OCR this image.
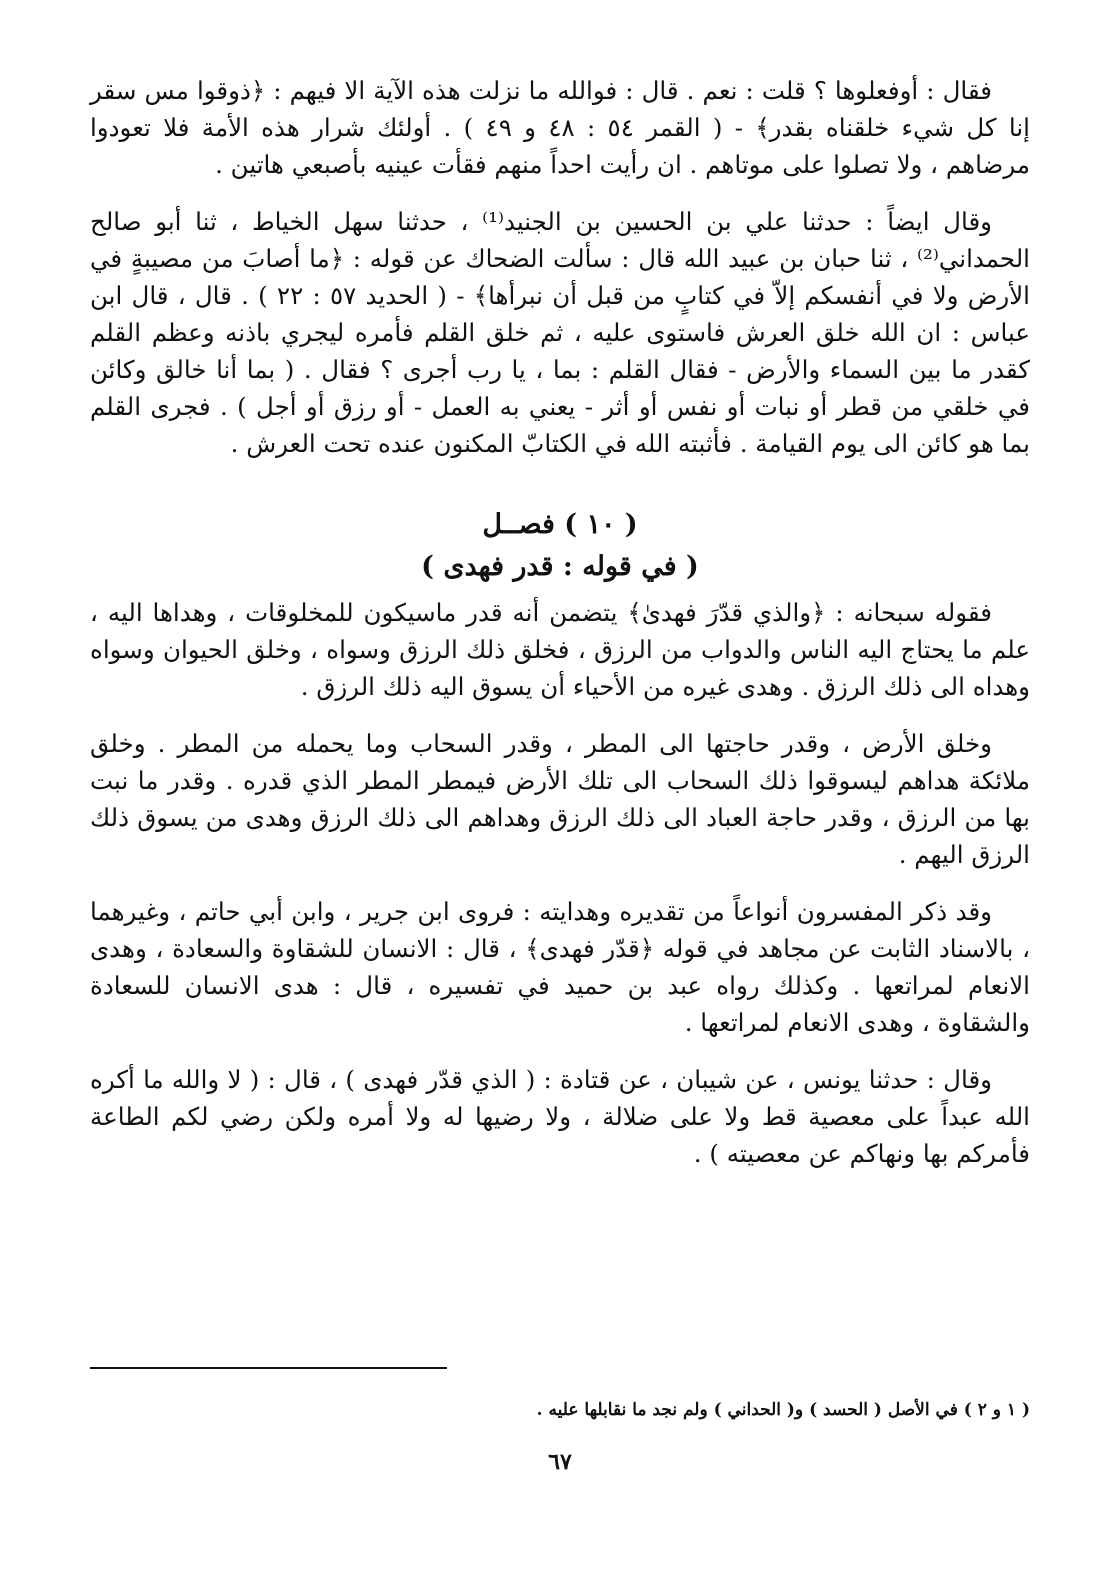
فقال : أوفعلوها ؟ قلت : نعم . قال : فوالله ما نزلت هذه الآية الا فيهم : ﴿ذوقوا مس سقر إنا كل شيء خلقناه بقدر﴾ - ( القمر ٥٤ : ٤٨ و ٤٩ ) . أولئك شرار هذه الأمة فلا تعودوا مرضاهم ، ولا تصلوا على موتاهم . ان رأيت احداً منهم فقأت عينيه بأصبعي هاتين .

وقال ايضاً : حدثنا علي بن الحسين بن الجنيد⁽¹⁾ ، حدثنا سهل الخياط ، ثنا أبو صالح الحمداني⁽²⁾ ، ثنا حبان بن عبيد الله قال : سألت الضحاك عن قوله : ﴿ما أصابَ من مصيبةٍ في الأرض ولا في أنفسكم إلاّ في كتابٍ من قبل أن نبرأها﴾ - ( الحديد ٥٧ : ٢٢ ) . قال ، قال ابن عباس : ان الله خلق العرش فاستوى عليه ، ثم خلق القلم فأمره ليجري باذنه وعظم القلم كقدر ما بين السماء والأرض - فقال القلم : بما ، يا رب أجرى ؟ فقال . ( بما أنا خالق وكائن في خلقي من قطر أو نبات أو نفس أو أثر - يعني به العمل - أو رزق أو أجل ) . فجرى القلم بما هو كائن الى يوم القيامة . فأثبته الله في الكتابّ المكنون عنده تحت العرش .

( ١٠ ) فصــل
( في قوله : قدر فهدى )

فقوله سبحانه : ﴿والذي قدّرَ فهدىٰ﴾ يتضمن أنه قدر ماسيكون للمخلوقات ، وهداها اليه ، علم ما يحتاج اليه الناس والدواب من الرزق ، فخلق ذلك الرزق وسواه ، وخلق الحيوان وسواه وهداه الى ذلك الرزق . وهدى غيره من الأحياء أن يسوق اليه ذلك الرزق .

وخلق الأرض ، وقدر حاجتها الى المطر ، وقدر السحاب وما يحمله من المطر . وخلق ملائكة هداهم ليسوقوا ذلك السحاب الى تلك الأرض فيمطر المطر الذي قدره . وقدر ما نبت بها من الرزق ، وقدر حاجة العباد الى ذلك الرزق وهداهم الى ذلك الرزق وهدى من يسوق ذلك الرزق اليهم .

وقد ذكر المفسرون أنواعاً من تقديره وهدايته : فروى ابن جرير ، وابن أبي حاتم ، وغيرهما ، بالاسناد الثابت عن مجاهد في قوله ﴿قدّر فهدى﴾ ، قال : الانسان للشقاوة والسعادة ، وهدى الانعام لمراتعها . وكذلك رواه عبد بن حميد في تفسيره ، قال : هدى الانسان للسعادة والشقاوة ، وهدى الانعام لمراتعها .

وقال : حدثنا يونس ، عن شيبان ، عن قتادة : ( الذي قدّر فهدى ) ، قال : ( لا والله ما أكره الله عبداً على معصية قط ولا على ضلالة ، ولا رضيها له ولا أمره ولكن رضي لكم الطاعة فأمركم بها ونهاكم عن معصيته ) .

( ١ و ٢ ) في الأصل ( الحسد ) و( الحداني ) ولم نجد ما نقابلها عليه .
٦٧
